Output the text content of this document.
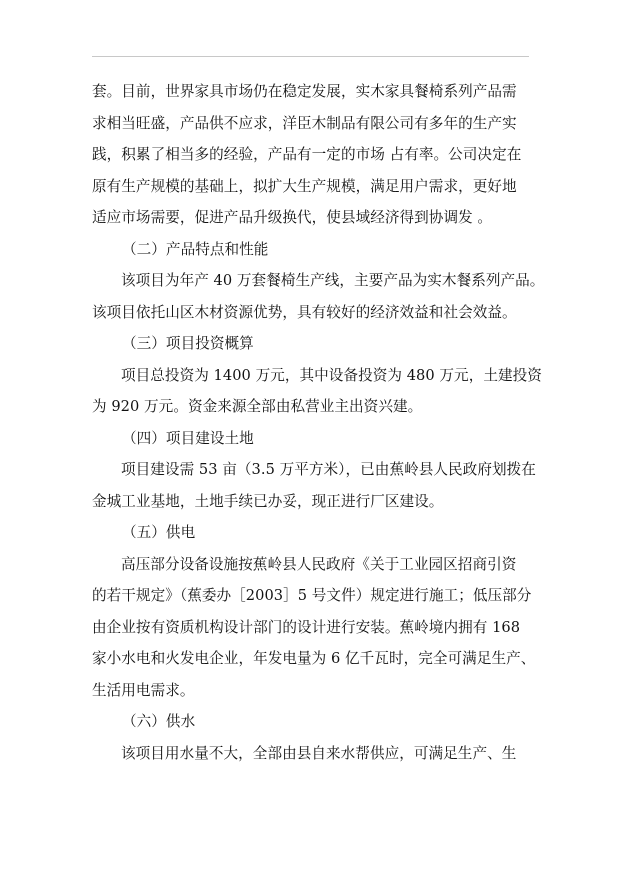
套。目前，世界家具市场仍在稳定发展，实木家具餐椅系列产品需
求相当旺盛，产品供不应求，洋臣木制品有限公司有多年的生产实
践，积累了相当多的经验，产品有一定的市场 占有率。公司决定在
原有生产规模的基础上，拟扩大生产规模，满足用户需求，更好地
适应市场需要，促进产品升级换代，使县域经济得到协调发 。

（二）产品特点和性能

该项目为年产 40 万套餐椅生产线，主要产品为实木餐系列产品。
该项目依托山区木材资源优势，具有较好的经济效益和社会效益。

（三）项目投资概算

项目总投资为 1400 万元，其中设备投资为 480 万元，土建投资
为 920 万元。资金来源全部由私营业主出资兴建。

（四）项目建设土地

项目建设需 53 亩（3.5 万平方米），已由蕉岭县人民政府划拨在
金城工业基地，土地手续已办妥，现正进行厂区建设。

（五）供电

高压部分设备设施按蕉岭县人民政府《关于工业园区招商引资
的若干规定》（蕉委办［2003］5 号文件）规定进行施工；低压部分
由企业按有资质机构设计部门的设计进行安装。蕉岭境内拥有 168
家小水电和火发电企业，年发电量为 6 亿千瓦时，完全可满足生产、
生活用电需求。

（六）供水

该项目用水量不大，全部由县自来水帮供应，可满足生产、生
